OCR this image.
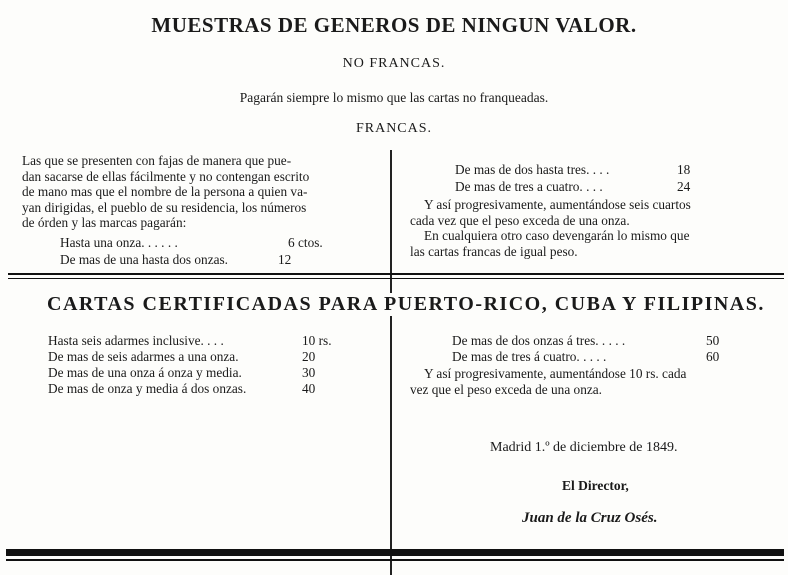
MUESTRAS DE GENEROS DE NINGUN VALOR.
NO FRANCAS.
Pagarán siempre lo mismo que las cartas no franqueadas.
FRANCAS.
Las que se presenten con fajas de manera que pue-
dan sacarse de ellas fácilmente y no contengan escrito
de mano mas que el nombre de la persona a quien va-
yan dirigidas, el pueblo de su residencia, los números
de órden y las marcas pagarán:
Hasta una onza. . . . . .	6 ctos.
De mas de una hasta dos onzas.	12
De mas de dos hasta tres. . . .	18
De mas de tres a cuatro. . . .	24
Y así progresivamente, aumentándose seis cuartos
cada vez que el peso exceda de una onza.
En cualquiera otro caso devengarán lo mismo que
las cartas francas de igual peso.
CARTAS CERTIFICADAS PARA PUERTO-RICO, CUBA Y FILIPINAS.
Hasta seis adarmes inclusive. . . .	10 rs.
De mas de seis adarmes a una onza.	20
De mas de una onza á onza y media.	30
De mas de onza y media á dos onzas.	40
De mas de dos onzas á tres. . . . .	50
De mas de tres á cuatro. . . . .	60
Y así progresivamente, aumentándose 10 rs. cada
vez que el peso exceda de una onza.
Madrid 1.º de diciembre de 1849.
El Director,
Juan de la Cruz Osés.
